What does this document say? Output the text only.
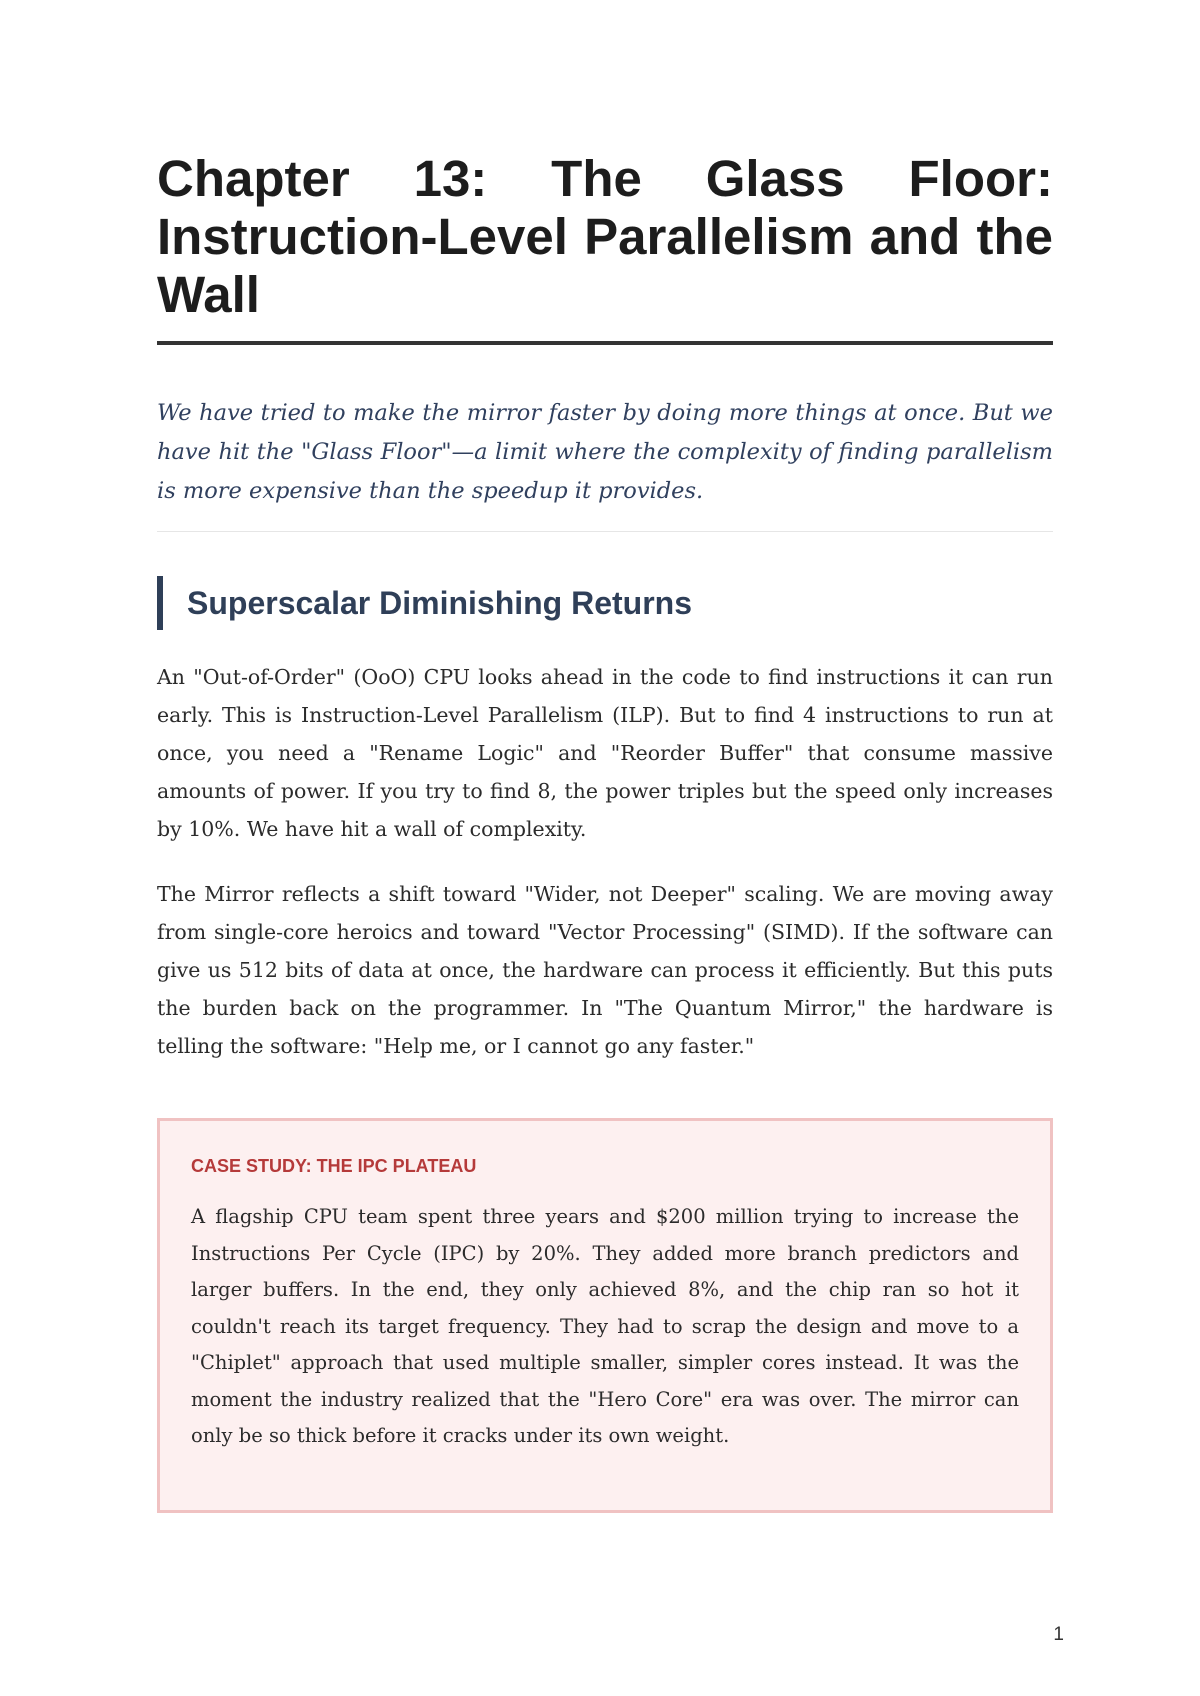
Chapter 13: The Glass Floor: Instruction-Level Parallelism and the Wall

We have tried to make the mirror faster by doing more things at once. But we have hit the "Glass Floor"—a limit where the complexity of finding parallelism is more expensive than the speedup it provides.

Superscalar Diminishing Returns

An "Out-of-Order" (OoO) CPU looks ahead in the code to find instructions it can run early. This is Instruction-Level Parallelism (ILP). But to find 4 instructions to run at once, you need a "Rename Logic" and "Reorder Buffer" that consume massive amounts of power. If you try to find 8, the power triples but the speed only increases by 10%. We have hit a wall of complexity.

The Mirror reflects a shift toward "Wider, not Deeper" scaling. We are moving away from single-core heroics and toward "Vector Processing" (SIMD). If the software can give us 512 bits of data at once, the hardware can process it efficiently. But this puts the burden back on the programmer. In "The Quantum Mirror," the hardware is telling the software: "Help me, or I cannot go any faster."

CASE STUDY: THE IPC PLATEAU

A flagship CPU team spent three years and $200 million trying to increase the Instructions Per Cycle (IPC) by 20%. They added more branch predictors and larger buffers. In the end, they only achieved 8%, and the chip ran so hot it couldn't reach its target frequency. They had to scrap the design and move to a "Chiplet" approach that used multiple smaller, simpler cores instead. It was the moment the industry realized that the "Hero Core" era was over. The mirror can only be so thick before it cracks under its own weight.

1
